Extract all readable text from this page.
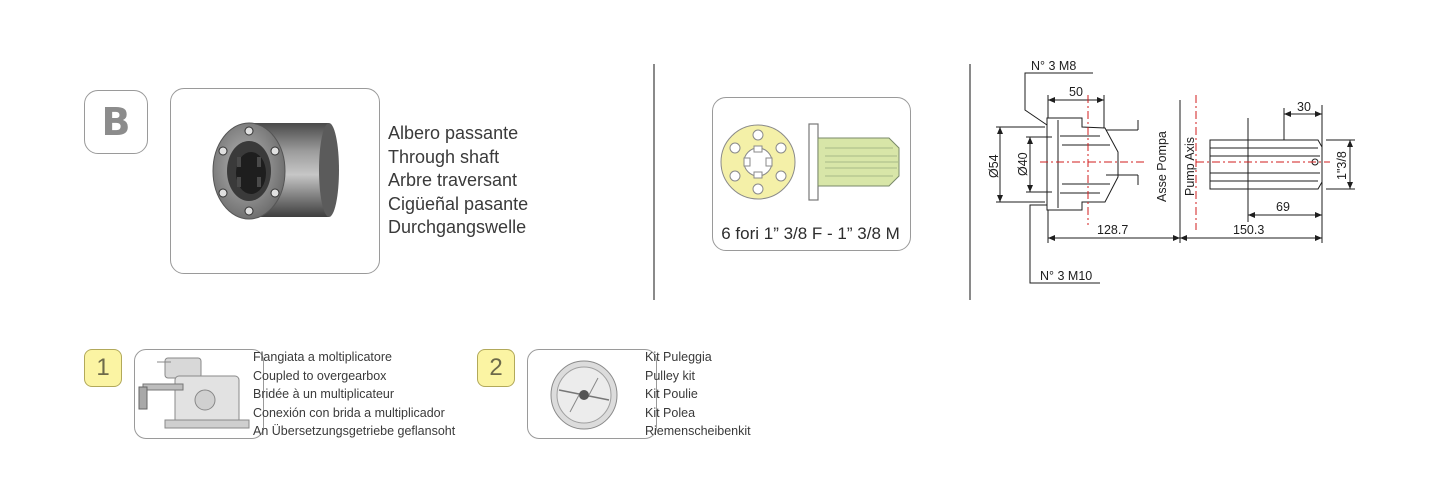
B	Albero passante
Through shaft
Arbre traversant
Cigüeñal pasante
Durchgangswelle	6 fori 1” 3/8 F - 1” 3/8 M
N° 3 M8
50
30
69
128.7	150.3
N° 3 M10
Ø54 Ø40	1"3/8
Asse Pompa Pump Axis
1	Flangiata a moltiplicatore
Coupled to overgearbox
Bridée à un multiplicateur
Conexión con brida a multiplicador
An Übersetzungsgetriebe geflansoht
2	Kit Puleggia
Pulley kit
Kit Poulie
Kit Polea
Riemenscheibenkit
